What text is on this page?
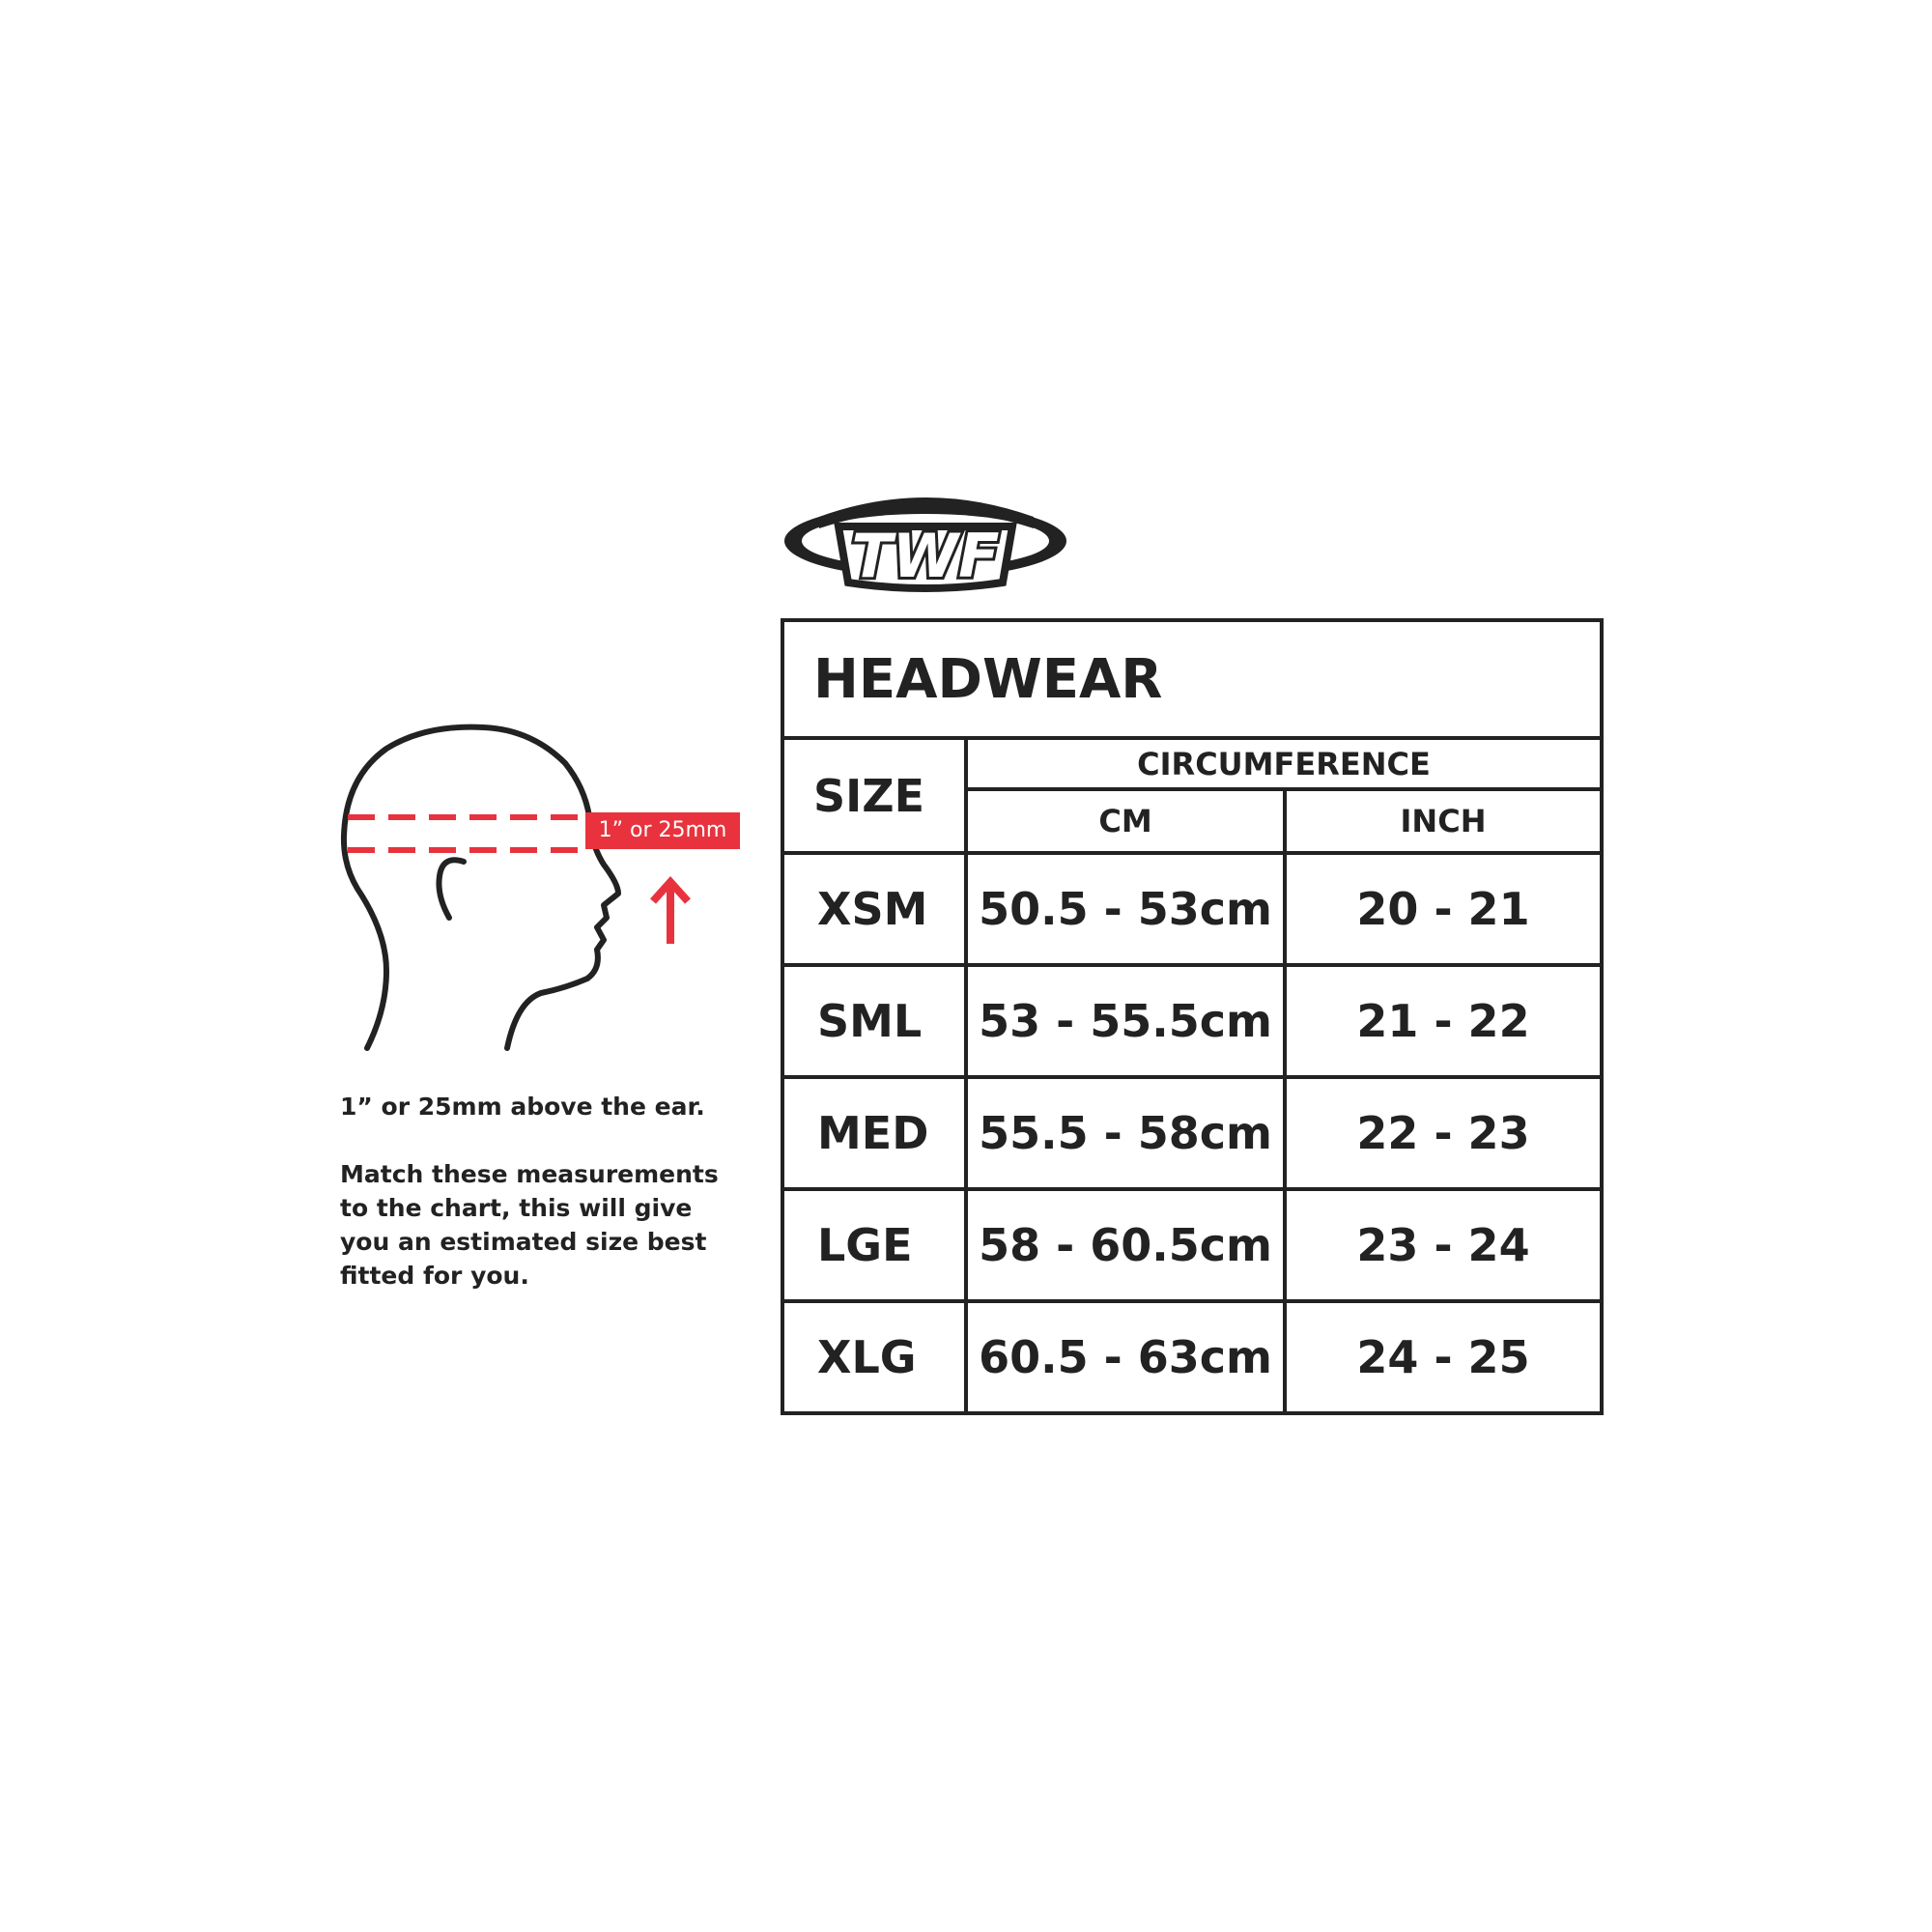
TWF
1” or 25mm

1” or 25mm above the ear.

Match these measurements to the chart, this will give you an estimated size best fitted for you.

HEADWEAR		
SIZE	CIRCUMFERENCE	
	CM	INCH
XSM	50.5 - 53cm	20 - 21
SML	53 - 55.5cm	21 - 22
MED	55.5 - 58cm	22 - 23
LGE	58 - 60.5cm	23 - 24
XLG	60.5 - 63cm	24 - 25
